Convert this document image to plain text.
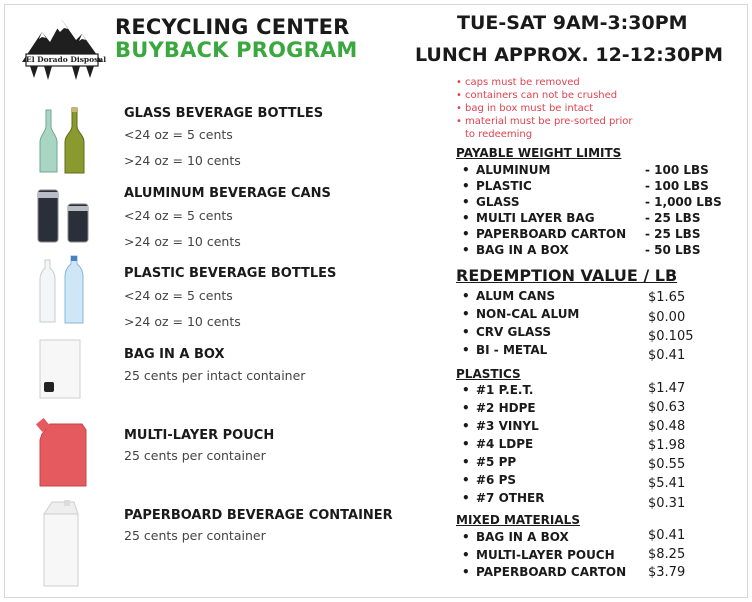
El Dorado Disposal
RECYCLING CENTER
BUYBACK PROGRAM
TUE-SAT 9AM-3:30PM
LUNCH APPROX. 12-12:30PM
• caps must be removed
• containers can not be crushed
• bag in box must be intact
• material must be pre-sorted prior
to redeeming
GLASS BEVERAGE BOTTLES
<24 oz = 5 cents
>24 oz = 10 cents
ALUMINUM BEVERAGE CANS
<24 oz = 5 cents
>24 oz = 10 cents
PLASTIC BEVERAGE BOTTLES
<24 oz = 5 cents
>24 oz = 10 cents
BAG IN A BOX
25 cents per intact container
MULTI-LAYER POUCH
25 cents per container
PAPERBOARD BEVERAGE CONTAINER
25 cents per container
PAYABLE WEIGHT LIMITS
• ALUMINUM
• PLASTIC
• GLASS
• MULTI LAYER BAG
• PAPERBOARD CARTON
• BAG IN A BOX
- 100 LBS
- 100 LBS
- 1,000 LBS
- 25 LBS
- 25 LBS
- 50 LBS
REDEMPTION VALUE / LB
• ALUM CANS
• NON-CAL ALUM
• CRV GLASS
• BI - METAL
$1.65
$0.00
$0.105
$0.41
PLASTICS
• #1 P.E.T.
• #2 HDPE
• #3 VINYL
• #4 LDPE
• #5 PP
• #6 PS
• #7 OTHER
$1.47
$0.63
$0.48
$1.98
$0.55
$5.41
$0.31
MIXED MATERIALS
• BAG IN A BOX
• MULTI-LAYER POUCH
• PAPERBOARD CARTON
$0.41
$8.25
$3.79
